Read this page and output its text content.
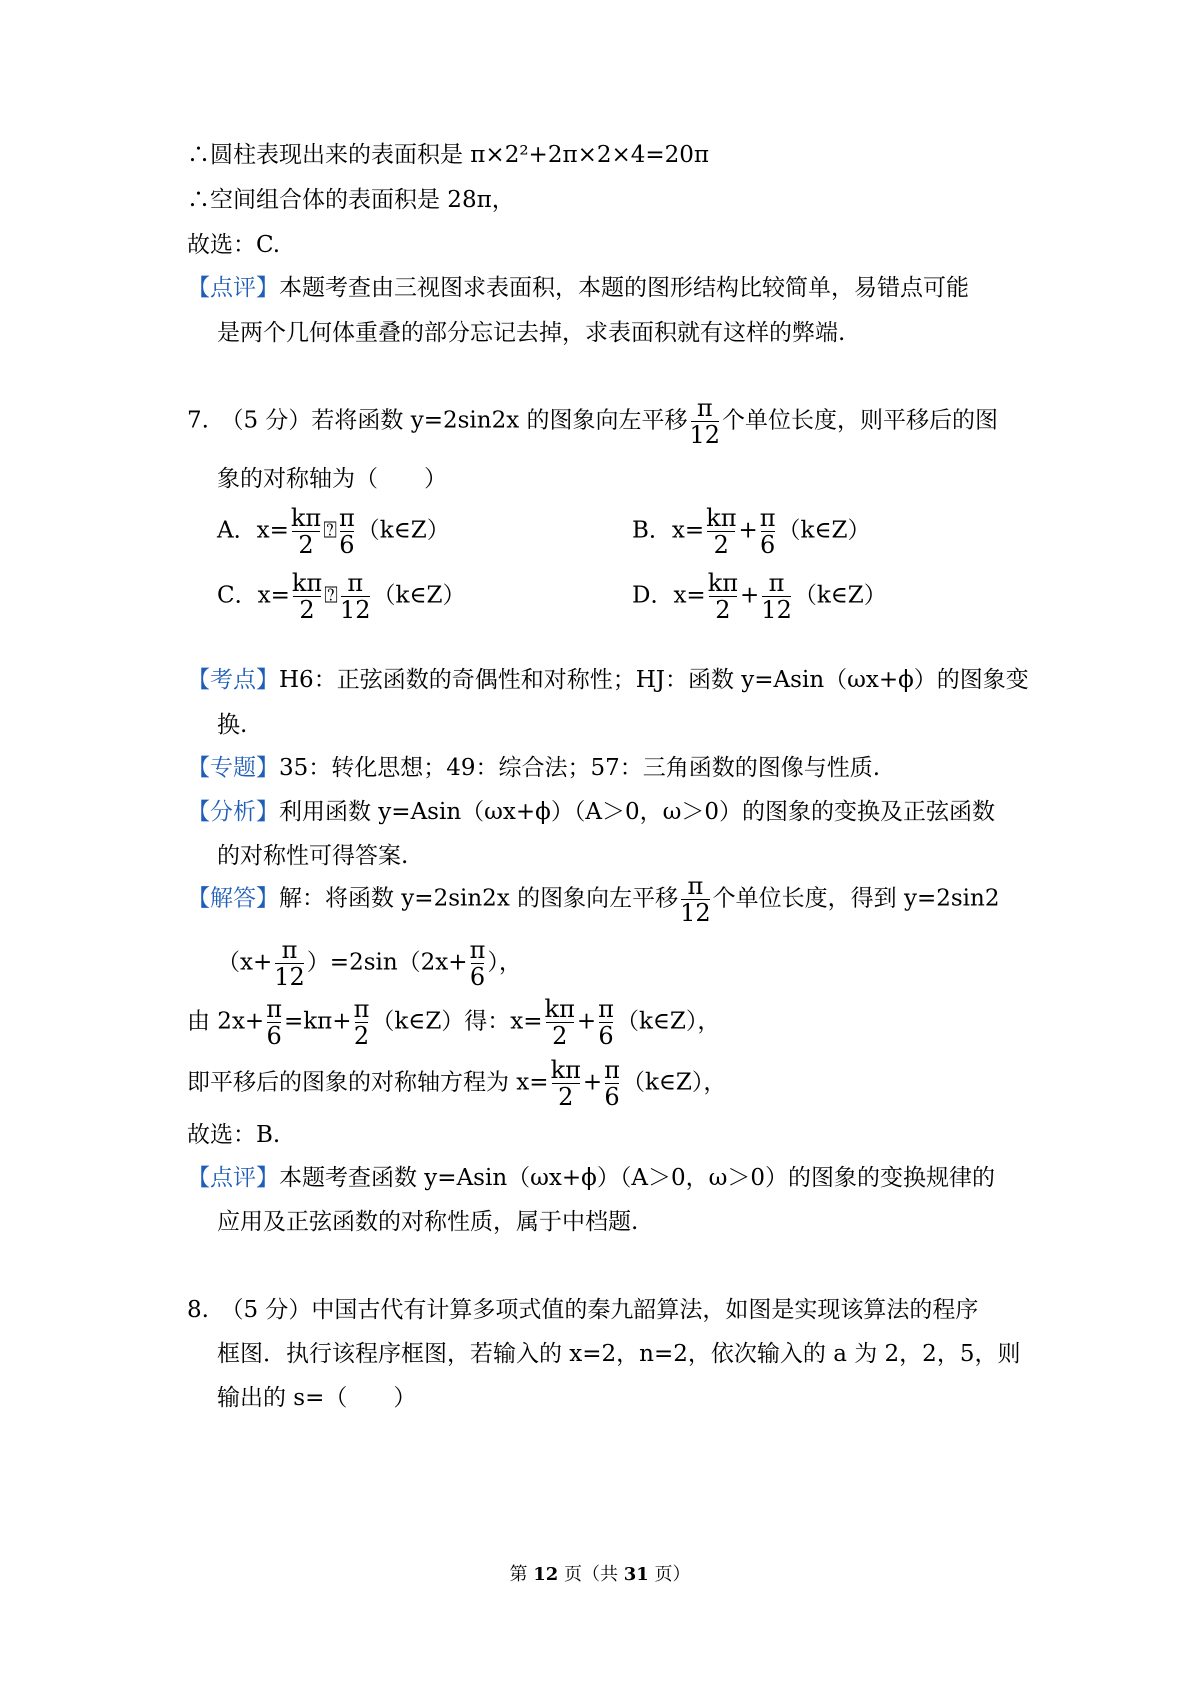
∴圆柱表现出来的表面积是 π×2²+2π×2×4=20π
∴空间组合体的表面积是 28π，
故选：C.
【点评】本题考查由三视图求表面积，本题的图形结构比较简单，易错点可能
是两个几何体重叠的部分忘记去掉，求表面积就有这样的弊端.
7.　（5 分）若将函数 y=2sin2x 的图象向左平移 $\frac{\pi}{12}$ 个单位长度，则平移后的图
象的对称轴为（　　）
A．$x= \frac{k\pi}{2}$ ⍰ $\frac{\pi}{6}$ （k∈Z）	B．$x= \frac{k\pi}{2} + \frac{\pi}{6}$ （k∈Z）
C．$x= \frac{k\pi}{2}$ ⍰ $\frac{\pi}{12}$ （k∈Z）	D．$x= \frac{k\pi}{2} + \frac{\pi}{12}$ （k∈Z）
【考点】H6：正弦函数的奇偶性和对称性；HJ：函数 y=Asin（ωx+ϕ）的图象变
换.
【专题】35：转化思想；49：综合法；57：三角函数的图像与性质.
【分析】利用函数 y=Asin（ωx+ϕ）（A＞0，ω＞0）的图象的变换及正弦函数
的对称性可得答案.
【解答】解：将函数 y=2sin2x 的图象向左平移 $\frac{\pi}{12}$ 个单位长度，得到 y=2sin2
$(x+ \frac{\pi}{12} )=2\sin(2x+ \frac{\pi}{6}$ ），
由 $2x+ \frac{\pi}{6} =k\pi+ \frac{\pi}{2}$ （k∈Z）得：$x= \frac{k\pi}{2} + \frac{\pi}{6}$ （k∈Z），
即平移后的图象的对称轴方程为 $x= \frac{k\pi}{2} + \frac{\pi}{6}$ （k∈Z），
故选：B.
【点评】本题考查函数 y=Asin（ωx+ϕ）（A＞0，ω＞0）的图象的变换规律的
应用及正弦函数的对称性质，属于中档题.
8.　（5 分）中国古代有计算多项式值的秦九韶算法，如图是实现该算法的程序
框图．执行该程序框图，若输入的 x=2，n=2，依次输入的 a 为 2，2，5，则
输出的 s=（　　）
第 12 页（共 31 页）
